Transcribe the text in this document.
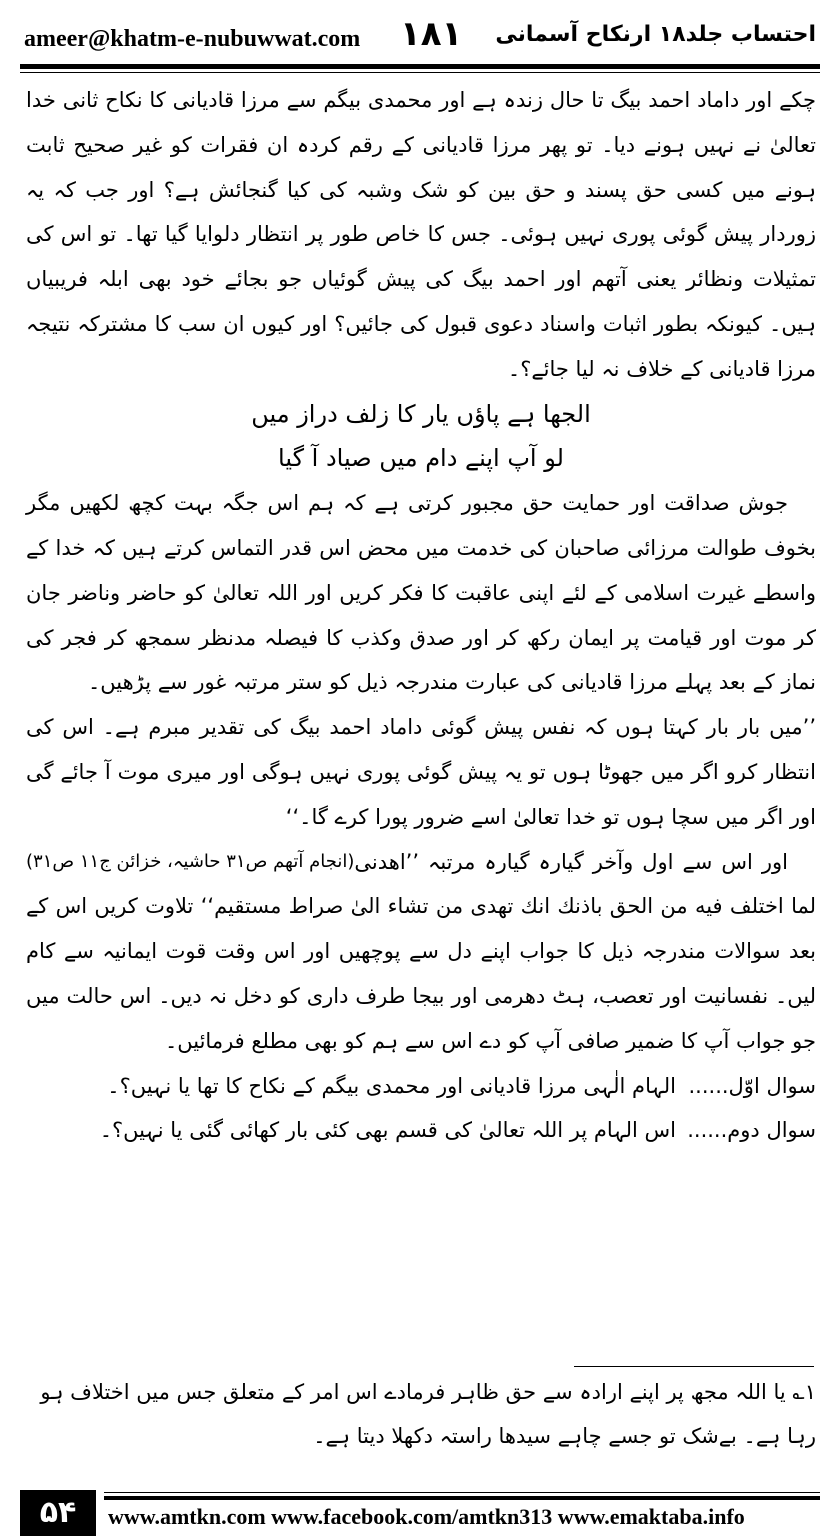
ameer@khatm-e-nubuwwat.com ۱۸۱ احتساب جلد۱۸ ارنکاح آسمانی

چکے اور داماد احمد بیگ تا حال زندہ ہے اور محمدی بیگم سے مرزا قادیانی کا نکاح ثانی خدا تعالیٰ نے نہیں ہونے دیا۔ تو پھر مرزا قادیانی کے رقم کردہ ان فقرات کو غیر صحیح ثابت ہونے میں کسی حق پسند و حق بین کو شک وشبہ کی کیا گنجائش ہے؟ اور جب کہ یہ زوردار پیش گوئی پوری نہیں ہوئی۔ جس کا خاص طور پر انتظار دلوایا گیا تھا۔ تو اس کی تمثیلات ونظائر یعنی آتھم اور احمد بیگ کی پیش گوئیاں جو بجائے خود بھی ابلہ فریبیاں ہیں۔ کیونکہ بطور اثبات واسناد دعوی قبول کی جائیں؟ اور کیوں ان سب کا مشترکہ نتیجہ مرزا قادیانی کے خلاف نہ لیا جائے؟۔

الجھا ہے پاؤں یار کا زلف دراز میں

لو آپ اپنے دام میں صیاد آ گیا

جوش صداقت اور حمایت حق مجبور کرتی ہے کہ ہم اس جگہ بہت کچھ لکھیں مگر بخوف طوالت مرزائی صاحبان کی خدمت میں محض اس قدر التماس کرتے ہیں کہ خدا کے واسطے غیرت اسلامی کے لئے اپنی عاقبت کا فکر کریں اور اللہ تعالیٰ کو حاضر وناضر جان کر موت اور قیامت پر ایمان رکھ کر اور صدق وکذب کا فیصلہ مدنظر سمجھ کر فجر کی نماز کے بعد پہلے مرزا قادیانی کی عبارت مندرجہ ذیل کو ستر مرتبہ غور سے پڑھیں۔

’’میں بار بار کہتا ہوں کہ نفس پیش گوئی داماد احمد بیگ کی تقدیر مبرم ہے۔ اس کی انتظار کرو اگر میں جھوٹا ہوں تو یہ پیش گوئی پوری نہیں ہوگی اور میری موت آ جائے گی اور اگر میں سچا ہوں تو خدا تعالیٰ اسے ضرور پورا کرے گا۔‘‘
(انجام آتھم ص۳۱ حاشیہ، خزائن ج۱۱ ص۳۱)	اور اس سے اول وآخر گیارہ گیارہ مرتبہ ’’اھدنی لما اختلف فیه من الحق باذنك انك تھدی من تشاء الیٰ صراط مستقیم‘‘ تلاوت کریں اس کے بعد سوالات مندرجہ ذیل کا جواب اپنے دل سے پوچھیں اور اس وقت قوت ایمانیہ سے کام لیں۔ نفسانیت اور تعصب، ہٹ دھرمی اور بیجا طرف داری کو دخل نہ دیں۔ اس حالت میں جو جواب آپ کا ضمیر صافی آپ کو دے اس سے ہم کو بھی مطلع فرمائیں۔

سوال اوّل......
الہام الٰہی مرزا قادیانی اور محمدی بیگم کے نکاح کا تھا یا نہیں؟۔
سوال دوم......
اس الہام پر اللہ تعالیٰ کی قسم بھی کئی بار کھائی گئی یا نہیں؟۔
۱؎ یا اللہ مجھ پر اپنے ارادہ سے حق ظاہر فرمادے اس امر کے متعلق جس میں اختلاف ہو رہا ہے۔ بےشک تو جسے چاہے سیدھا راستہ دکھلا دیتا ہے۔
۵۴	www.amtkn.com www.facebook.com/amtkn313 www.emaktaba.info
